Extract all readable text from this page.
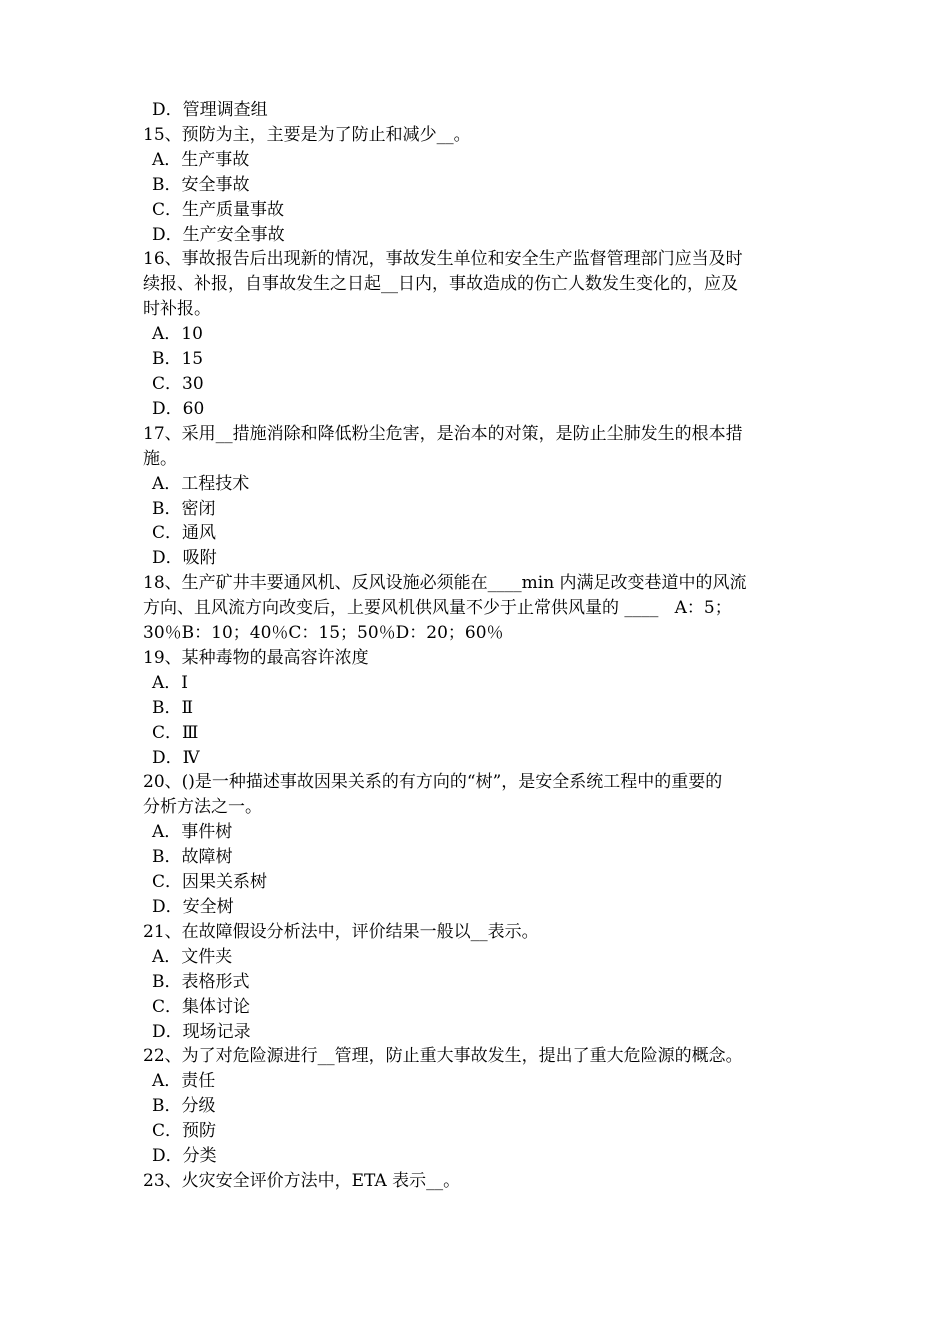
D．管理调查组
15、预防为主，主要是为了防止和减少__。
A．生产事故
B．安全事故
C．生产质量事故
D．生产安全事故
16、事故报告后出现新的情况，事故发生单位和安全生产监督管理部门应当及时
续报、补报，自事故发生之日起__日内，事故造成的伤亡人数发生变化的，应及
时补报。
A．10
B．15
C．30
D．60
17、采用__措施消除和降低粉尘危害，是治本的对策，是防止尘肺发生的根本措
施。
A．工程技术
B．密闭
C．通风
D．吸附
18、生产矿井丰要通风机、反风设施必须能在____min 内满足改变巷道中的风流
方向、且风流方向改变后，上要风机供风量不少于止常供风量的 ____   A：5；
30％B：10；40％C：15；50％D：20；60％
19、某种毒物的最高容许浓度
A．Ⅰ
B．Ⅱ
C．Ⅲ
D．Ⅳ
20、()是一种描述事故因果关系的有方向的“树”，是安全系统工程中的重要的
分析方法之一。
A．事件树
B．故障树
C．因果关系树
D．安全树
21、在故障假设分析法中，评价结果一般以__表示。
A．文件夹
B．表格形式
C．集体讨论
D．现场记录
22、为了对危险源进行__管理，防止重大事故发生，提出了重大危险源的概念。
A．责任
B．分级
C．预防
D．分类
23、火灾安全评价方法中，ETA 表示__。
